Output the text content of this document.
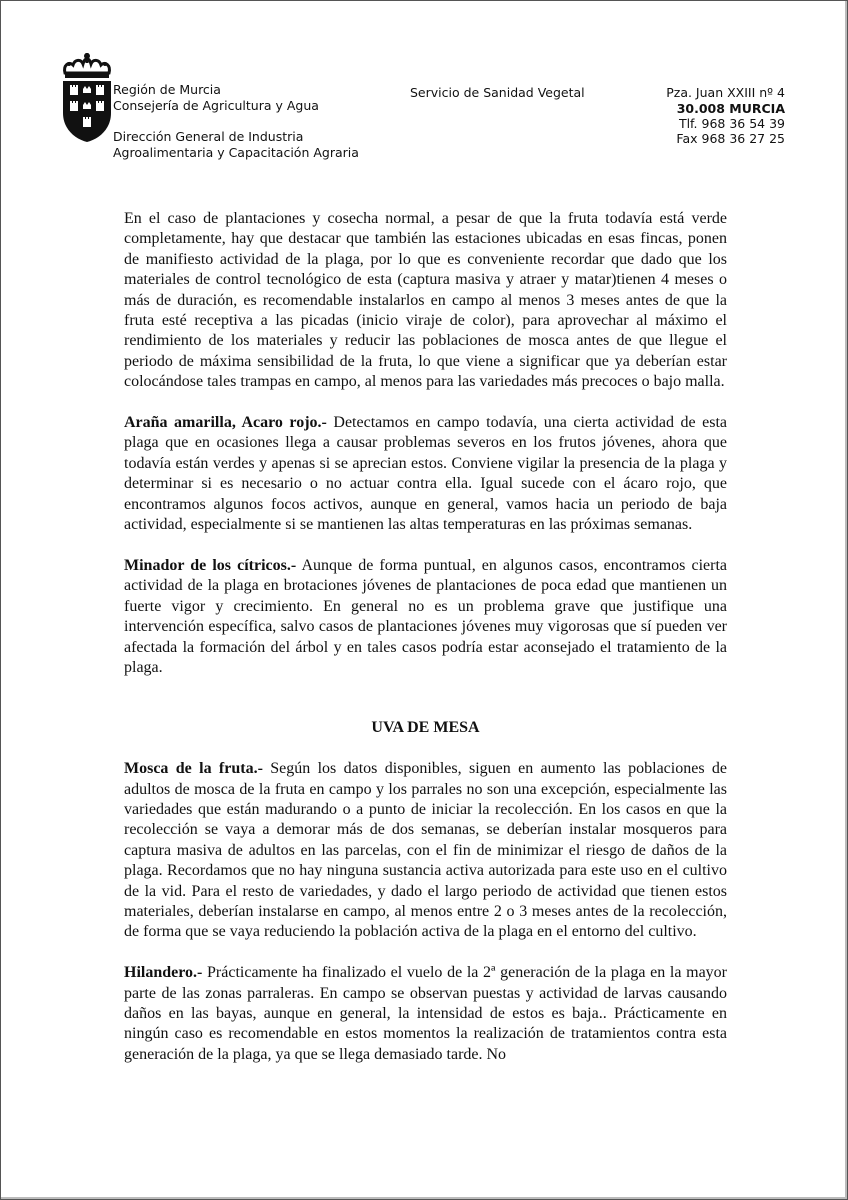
Región de Murcia
Consejería de Agricultura y Agua
Dirección General de Industria
Agroalimentaria y Capacitación Agraria
Servicio de Sanidad Vegetal	Pza. Juan XXIII nº 4
30.008 MURCIA
Tlf. 968 36 54 39
Fax 968 36 27 25

En el caso de plantaciones y cosecha normal, a pesar de que la fruta todavía está verde completamente, hay que destacar que también las estaciones ubicadas en esas fincas, ponen de manifiesto actividad de la plaga, por lo que es conveniente recordar que dado que los materiales de control tecnológico de esta (captura masiva y atraer y matar)tienen 4 meses o más de duración, es recomendable instalarlos en campo al menos 3 meses antes de que la fruta esté receptiva a las picadas (inicio viraje de color), para aprovechar al máximo el rendimiento de los materiales y reducir las poblaciones de mosca antes de que llegue el periodo de máxima sensibilidad de la fruta, lo que viene a significar que ya deberían estar colocándose tales trampas en campo, al menos para las variedades más precoces o bajo malla.

Araña amarilla, Acaro rojo.- Detectamos en campo todavía, una cierta actividad de esta plaga que en ocasiones llega a causar problemas severos en los frutos jóvenes, ahora que todavía están verdes y apenas si se aprecian estos. Conviene vigilar la presencia de la plaga y determinar si es necesario o no actuar contra ella. Igual sucede con el ácaro rojo, que encontramos algunos focos activos, aunque en general, vamos hacia un periodo de baja actividad, especialmente si se mantienen las altas temperaturas en las próximas semanas.

Minador de los cítricos.- Aunque de forma puntual, en algunos casos, encontramos cierta actividad de la plaga en brotaciones jóvenes de plantaciones de poca edad que mantienen un fuerte vigor y crecimiento. En general no es un problema grave que justifique una intervención específica, salvo casos de plantaciones jóvenes muy vigorosas que sí pueden ver afectada la formación del árbol y en tales casos podría estar aconsejado el tratamiento de la plaga.

UVA DE MESA

Mosca de la fruta.- Según los datos disponibles, siguen en aumento las poblaciones de adultos de mosca de la fruta en campo y los parrales no son una excepción, especialmente las variedades que están madurando o a punto de iniciar la recolección. En los casos en que la recolección se vaya a demorar más de dos semanas, se deberían instalar mosqueros para captura masiva de adultos en las parcelas, con el fin de minimizar el riesgo de daños de la plaga. Recordamos que no hay ninguna sustancia activa autorizada para este uso en el cultivo de la vid. Para el resto de variedades, y dado el largo periodo de actividad que tienen estos materiales, deberían instalarse en campo, al menos entre 2 o 3 meses antes de la recolección, de forma que se vaya reduciendo la población activa de la plaga en el entorno del cultivo.

Hilandero.- Prácticamente ha finalizado el vuelo de la 2ª generación de la plaga en la mayor parte de las zonas parraleras. En campo se observan puestas y actividad de larvas causando daños en las bayas, aunque en general, la intensidad de estos es baja.. Prácticamente en ningún caso es recomendable en estos momentos la realización de tratamientos contra esta generación de la plaga, ya que se llega demasiado tarde. No
